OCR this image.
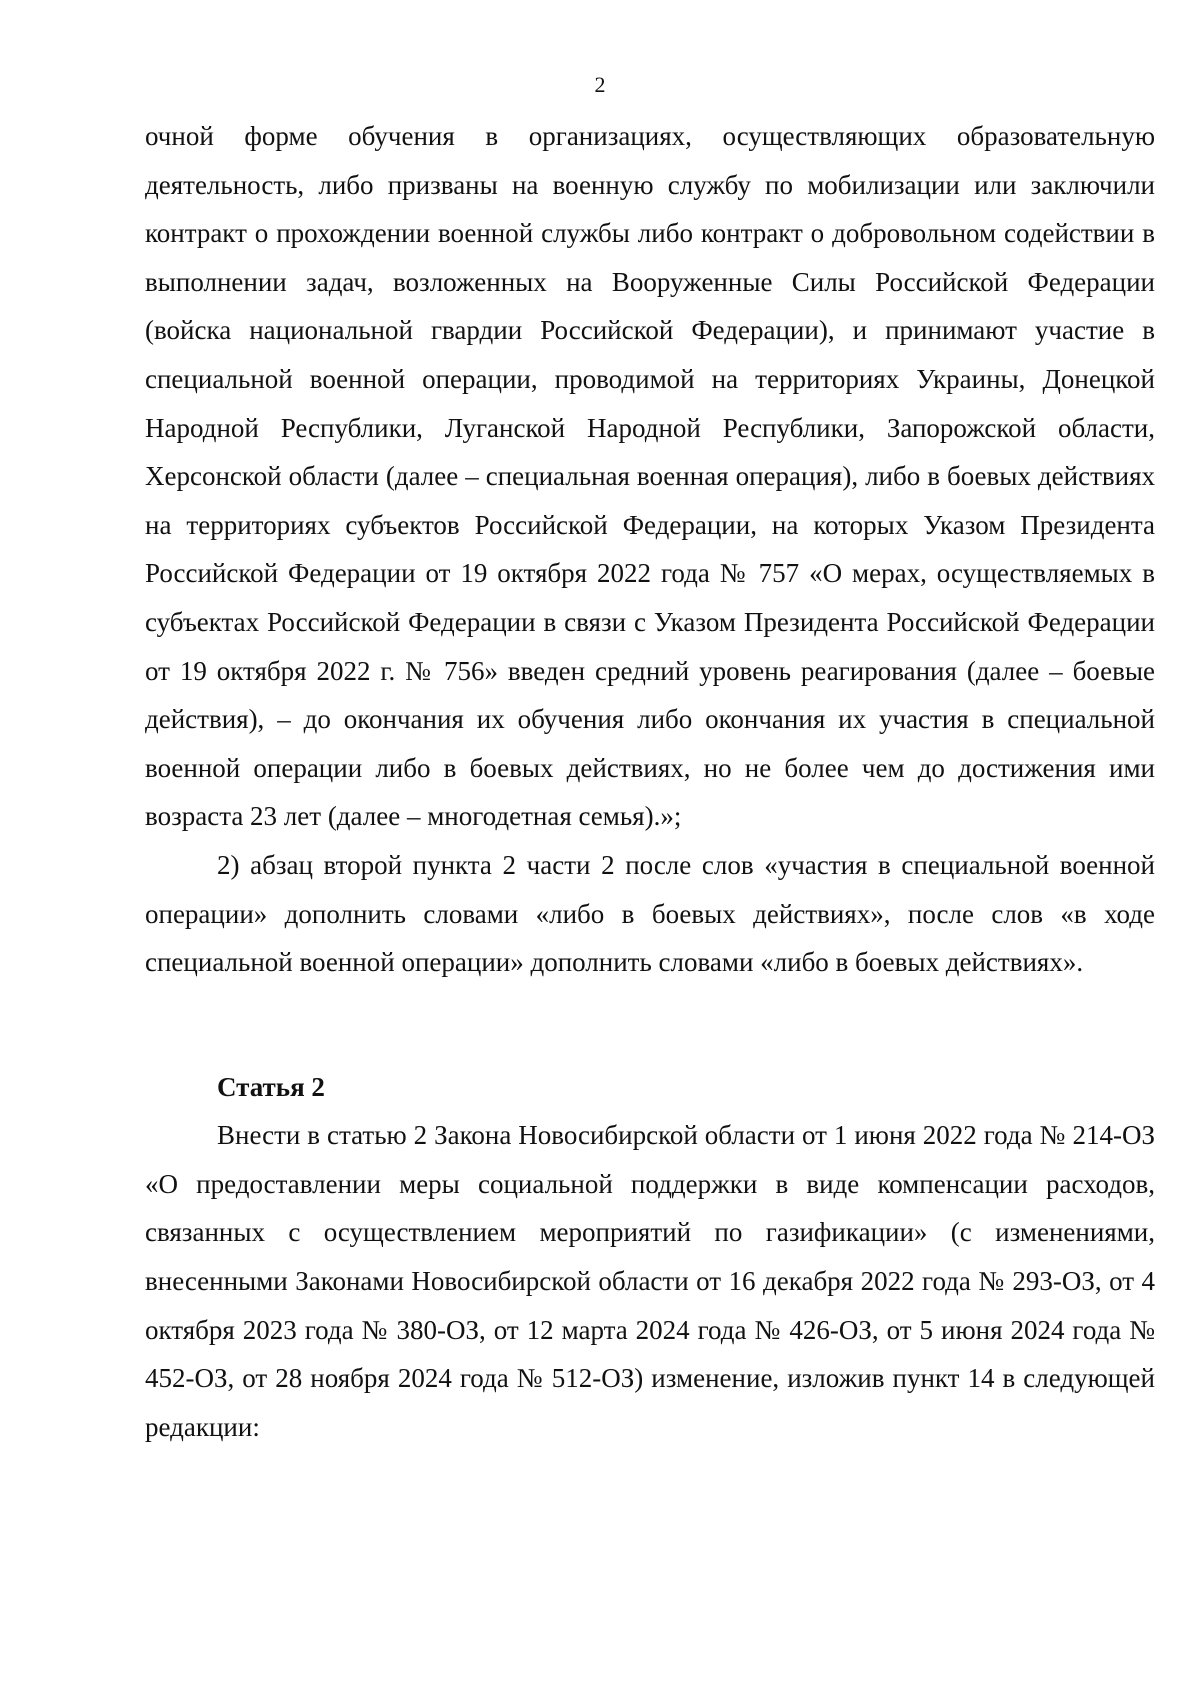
2

очной форме обучения в организациях, осуществляющих образовательную деятельность, либо призваны на военную службу по мобилизации или заключили контракт о прохождении военной службы либо контракт о добровольном содействии в выполнении задач, возложенных на Вооруженные Силы Российской Федерации (войска национальной гвардии Российской Федерации), и принимают участие в специальной военной операции, проводимой на территориях Украины, Донецкой Народной Республики, Луганской Народной Республики, Запорожской области, Херсонской области (далее – специальная военная операция), либо в боевых действиях на территориях субъектов Российской Федерации, на которых Указом Президента Российской Федерации от 19 октября 2022 года № 757 «О мерах, осуществляемых в субъектах Российской Федерации в связи с Указом Президента Российской Федерации от 19 октября 2022 г. № 756» введен средний уровень реагирования (далее – боевые действия), – до окончания их обучения либо окончания их участия в специальной военной операции либо в боевых действиях, но не более чем до достижения ими возраста 23 лет (далее – многодетная семья).»;

2) абзац второй пункта 2 части 2 после слов «участия в специальной военной операции» дополнить словами «либо в боевых действиях», после слов «в ходе специальной военной операции» дополнить словами «либо в боевых действиях».

Статья 2

Внести в статью 2 Закона Новосибирской области от 1 июня 2022 года № 214-ОЗ «О предоставлении меры социальной поддержки в виде компенсации расходов, связанных с осуществлением мероприятий по газификации» (с изменениями, внесенными Законами Новосибирской области от 16 декабря 2022 года № 293-ОЗ, от 4 октября 2023 года № 380-ОЗ, от 12 марта 2024 года № 426-ОЗ, от 5 июня 2024 года № 452-ОЗ, от 28 ноября 2024 года № 512-ОЗ) изменение, изложив пункт 14 в следующей редакции:
